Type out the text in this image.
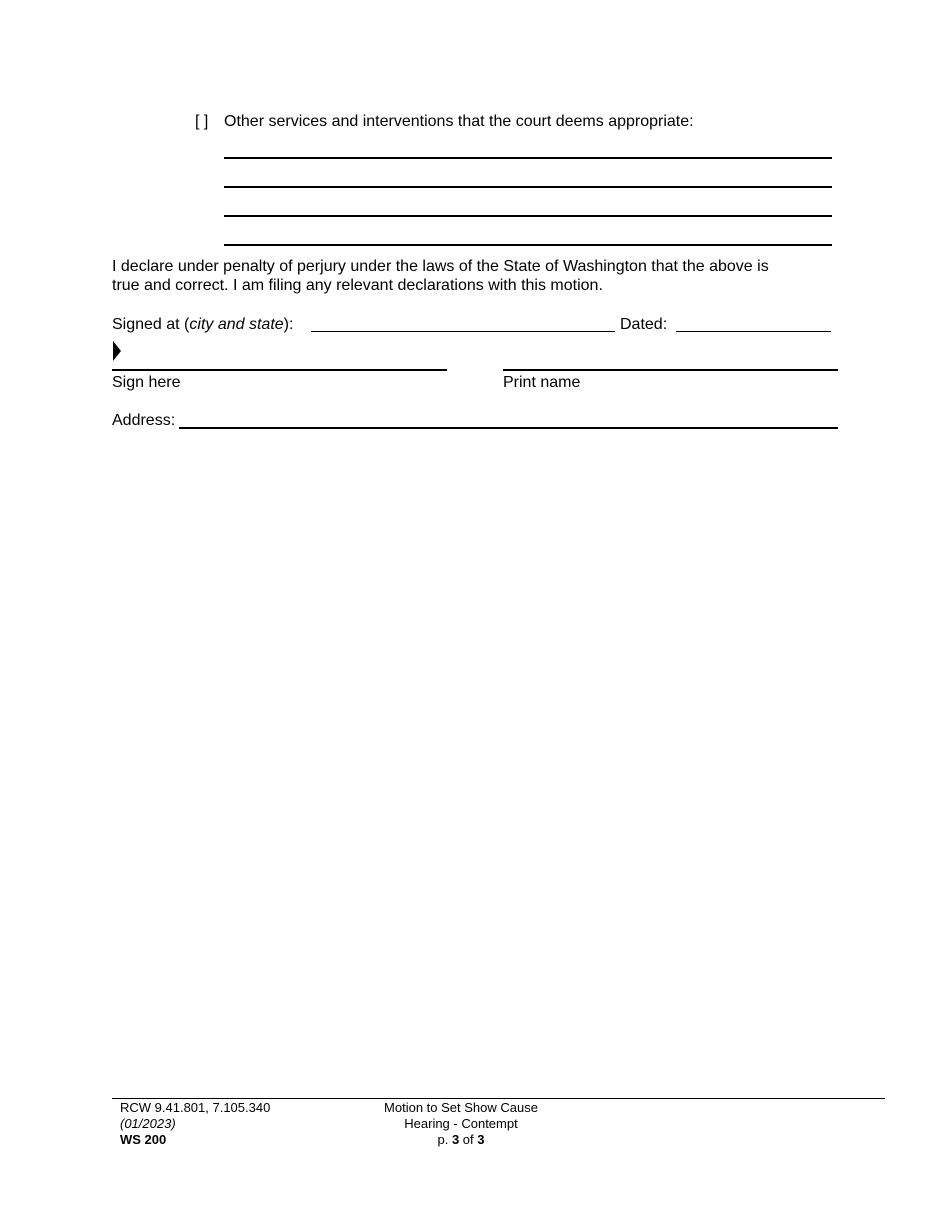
[ ] Other services and interventions that the court deems appropriate:
I declare under penalty of perjury under the laws of the State of Washington that the above is
true and correct. I am filing any relevant declarations with this motion.
Signed at (city and state):	Dated:
Sign here	Print name
Address:
RCW 9.41.801, 7.105.340
(01/2023)
WS 200
Motion to Set Show Cause
Hearing - Contempt
p. 3 of 3
